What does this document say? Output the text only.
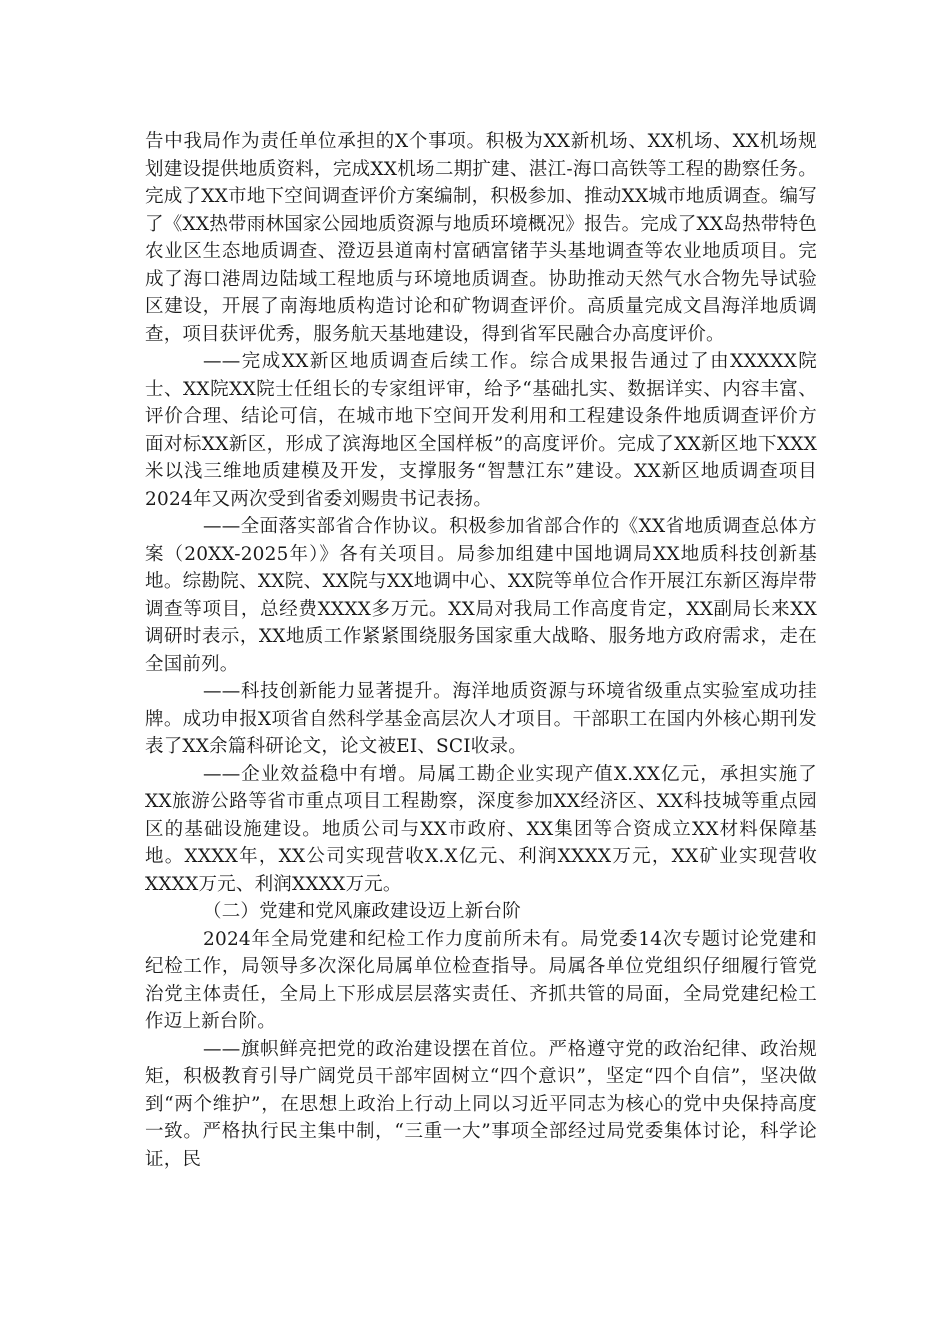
告中我局作为责任单位承担的X个事项。积极为XX新机场、XX机场、XX机场规划建设提供地质资料，完成XX机场二期扩建、湛江-海口高铁等工程的勘察任务。完成了XX市地下空间调查评价方案编制，积极参加、推动XX城市地质调查。编写了《XX热带雨林国家公园地质资源与地质环境概况》报告。完成了XX岛热带特色农业区生态地质调查、澄迈县道南村富硒富锗芋头基地调查等农业地质项目。完成了海口港周边陆域工程地质与环境地质调查。协助推动天然气水合物先导试验区建设，开展了南海地质构造讨论和矿物调查评价。高质量完成文昌海洋地质调查，项目获评优秀，服务航天基地建设，得到省军民融合办高度评价。

——完成XX新区地质调查后续工作。综合成果报告通过了由XXXXX院士、XX院XX院士任组长的专家组评审，给予“基础扎实、数据详实、内容丰富、评价合理、结论可信，在城市地下空间开发利用和工程建设条件地质调查评价方面对标XX新区，形成了滨海地区全国样板”的高度评价。完成了XX新区地下XXX米以浅三维地质建模及开发，支撑服务“智慧江东”建设。XX新区地质调查项目2024年又两次受到省委刘赐贵书记表扬。

——全面落实部省合作协议。积极参加省部合作的《XX省地质调查总体方案（20XX-2025年）》各有关项目。局参加组建中国地调局XX地质科技创新基地。综勘院、XX院、XX院与XX地调中心、XX院等单位合作开展江东新区海岸带调查等项目，总经费XXXX多万元。XX局对我局工作高度肯定，XX副局长来XX调研时表示，XX地质工作紧紧围绕服务国家重大战略、服务地方政府需求，走在全国前列。

——科技创新能力显著提升。海洋地质资源与环境省级重点实验室成功挂牌。成功申报X项省自然科学基金高层次人才项目。干部职工在国内外核心期刊发表了XX余篇科研论文，论文被EI、SCI收录。

——企业效益稳中有增。局属工勘企业实现产值X.XX亿元，承担实施了XX旅游公路等省市重点项目工程勘察，深度参加XX经济区、XX科技城等重点园区的基础设施建设。地质公司与XX市政府、XX集团等合资成立XX材料保障基地。XXXX年，XX公司实现营收X.X亿元、利润XXXX万元，XX矿业实现营收XXXX万元、利润XXXX万元。

（二）党建和党风廉政建设迈上新台阶

2024年全局党建和纪检工作力度前所未有。局党委14次专题讨论党建和纪检工作，局领导多次深化局属单位检查指导。局属各单位党组织仔细履行管党治党主体责任，全局上下形成层层落实责任、齐抓共管的局面，全局党建纪检工作迈上新台阶。

——旗帜鲜亮把党的政治建设摆在首位。严格遵守党的政治纪律、政治规矩，积极教育引导广阔党员干部牢固树立“四个意识”，坚定“四个自信”，坚决做到“两个维护”，在思想上政治上行动上同以习近平同志为核心的党中央保持高度一致。严格执行民主集中制，“三重一大”事项全部经过局党委集体讨论，科学论证，民
